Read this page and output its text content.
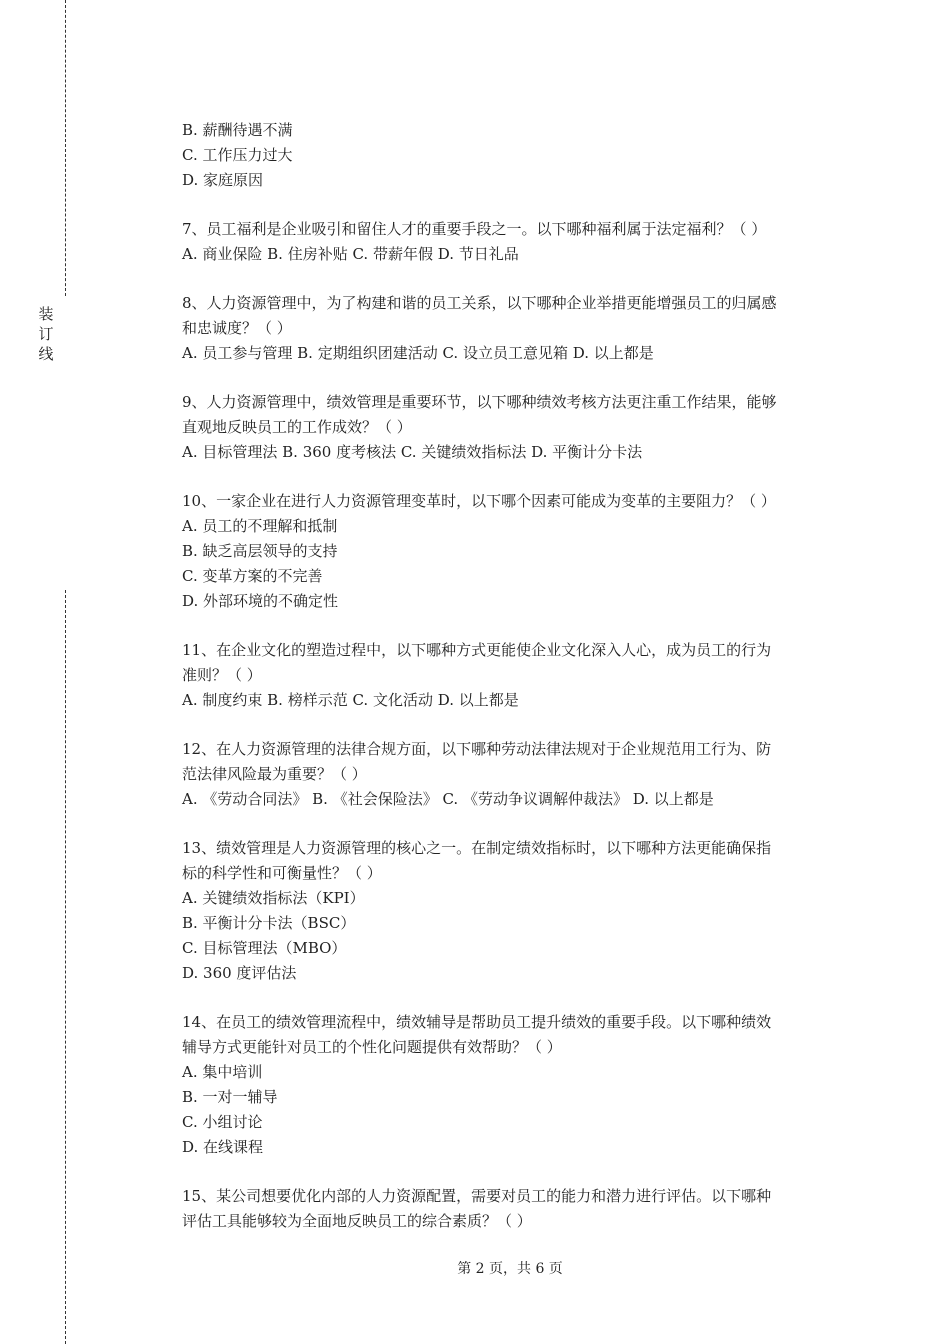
装
订
线
B. 薪酬待遇不满
C. 工作压力过大
D. 家庭原因
7、员工福利是企业吸引和留住人才的重要手段之一。以下哪种福利属于法定福利？（ ）
A. 商业保险 B. 住房补贴 C. 带薪年假 D. 节日礼品
8、人力资源管理中，为了构建和谐的员工关系，以下哪种企业举措更能增强员工的归属感
和忠诚度？（ ）
A. 员工参与管理 B. 定期组织团建活动 C. 设立员工意见箱 D. 以上都是
9、人力资源管理中，绩效管理是重要环节，以下哪种绩效考核方法更注重工作结果，能够
直观地反映员工的工作成效？（ ）
A. 目标管理法 B. 360 度考核法 C. 关键绩效指标法 D. 平衡计分卡法
10、一家企业在进行人力资源管理变革时，以下哪个因素可能成为变革的主要阻力？（ ）
A. 员工的不理解和抵制
B. 缺乏高层领导的支持
C. 变革方案的不完善
D. 外部环境的不确定性
11、在企业文化的塑造过程中，以下哪种方式更能使企业文化深入人心，成为员工的行为
准则？（ ）
A. 制度约束 B. 榜样示范 C. 文化活动 D. 以上都是
12、在人力资源管理的法律合规方面，以下哪种劳动法律法规对于企业规范用工行为、防
范法律风险最为重要？（ ）
A. 《劳动合同法》 B. 《社会保险法》 C. 《劳动争议调解仲裁法》 D. 以上都是
13、绩效管理是人力资源管理的核心之一。在制定绩效指标时，以下哪种方法更能确保指
标的科学性和可衡量性？（ ）
A. 关键绩效指标法（KPI）
B. 平衡计分卡法（BSC）
C. 目标管理法（MBO）
D. 360 度评估法
14、在员工的绩效管理流程中，绩效辅导是帮助员工提升绩效的重要手段。以下哪种绩效
辅导方式更能针对员工的个性化问题提供有效帮助？（ ）
A. 集中培训
B. 一对一辅导
C. 小组讨论
D. 在线课程
15、某公司想要优化内部的人力资源配置，需要对员工的能力和潜力进行评估。以下哪种
评估工具能够较为全面地反映员工的综合素质？（ ）
第 2 页，共 6 页
